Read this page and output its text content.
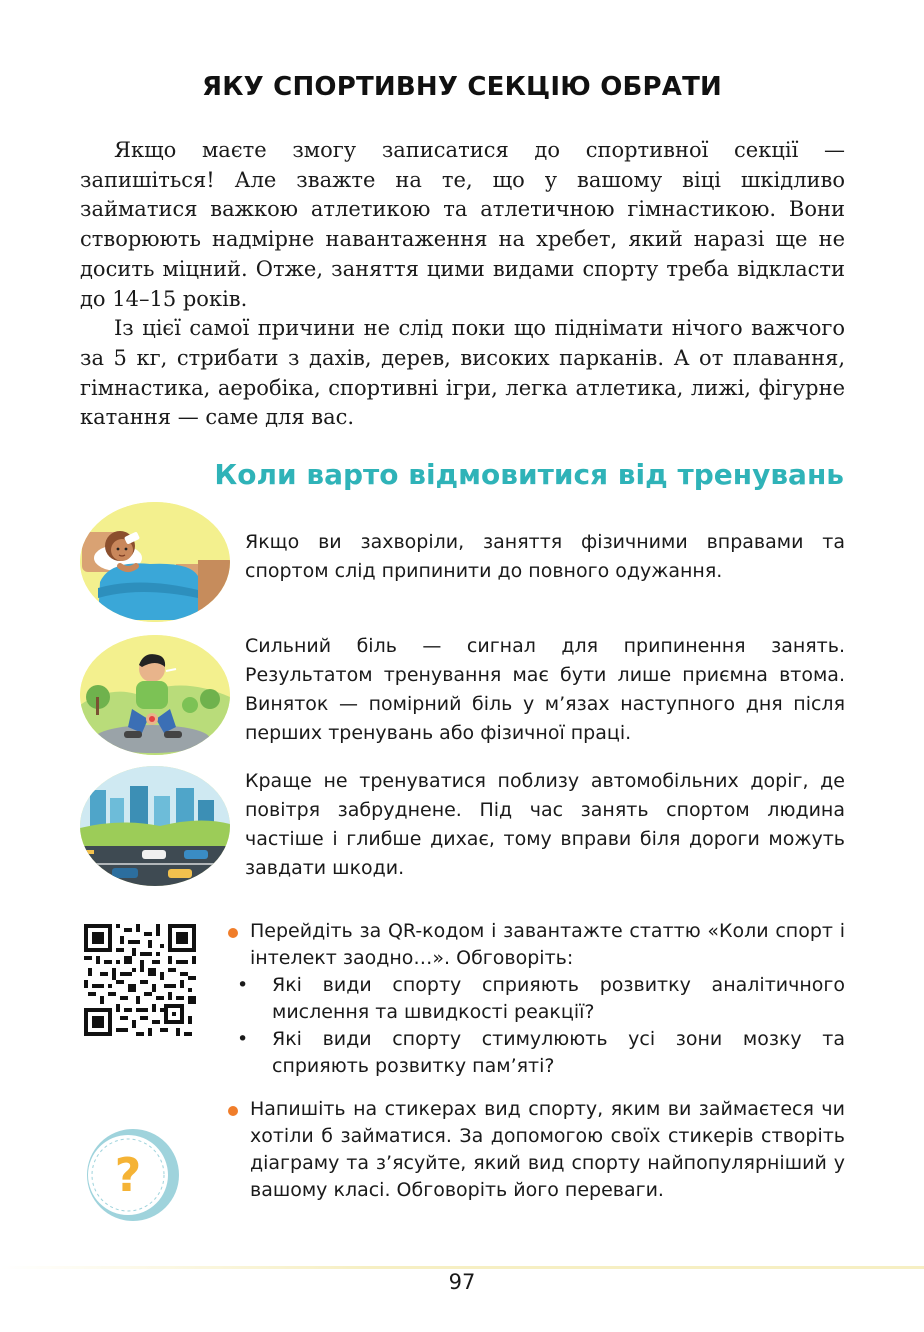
ЯКУ СПОРТИВНУ СЕКЦІЮ ОБРАТИ

Якщо маєте змогу записатися до спортивної секції — запишіться! Але зважте на те, що у вашому віці шкідливо займатися важкою атлетикою та атлетичною гімнастикою. Вони створюють надмірне навантаження на хребет, який наразі ще не досить міцний. Отже, заняття цими видами спорту треба відкласти до 14–15 років.

Із цієї самої причини не слід поки що піднімати нічого важчого за 5 кг, стрибати з дахів, дерев, високих парканів. А от плавання, гімнастика, аеробіка, спортивні ігри, легка атлетика, лижі, фігурне катання — саме для вас.

Коли варто відмовитися від тренувань
Якщо ви захворіли, заняття фізичними вправами та спортом слід припинити до повного одужання.
Сильний біль — сигнал для припинення занять. Результатом тренування має бути лише приємна втома. Виняток — помірний біль у м’язах наступного дня після перших тренувань або фізичної праці.
Краще не тренуватися поблизу автомобільних доріг, де повітря забруднене. Під час занять спортом людина частіше і глибше дихає, тому вправи біля дороги можуть завдати шкоди.
Перейдіть за QR-кодом і завантажте статтю «Коли спорт і інтелект заодно…». Обговоріть:
• Які види спорту сприяють розвитку аналітичного мислення та швидкості реакції?
• Які види спорту стимулюють усі зони мозку та сприяють розвитку пам’яті?
?
Напишіть на стикерах вид спорту, яким ви займаєтеся чи хотіли б займатися. За допомогою своїх стикерів створіть діаграму та з’ясуйте, який вид спорту найпопулярніший у вашому класі. Обговоріть його переваги.
97
